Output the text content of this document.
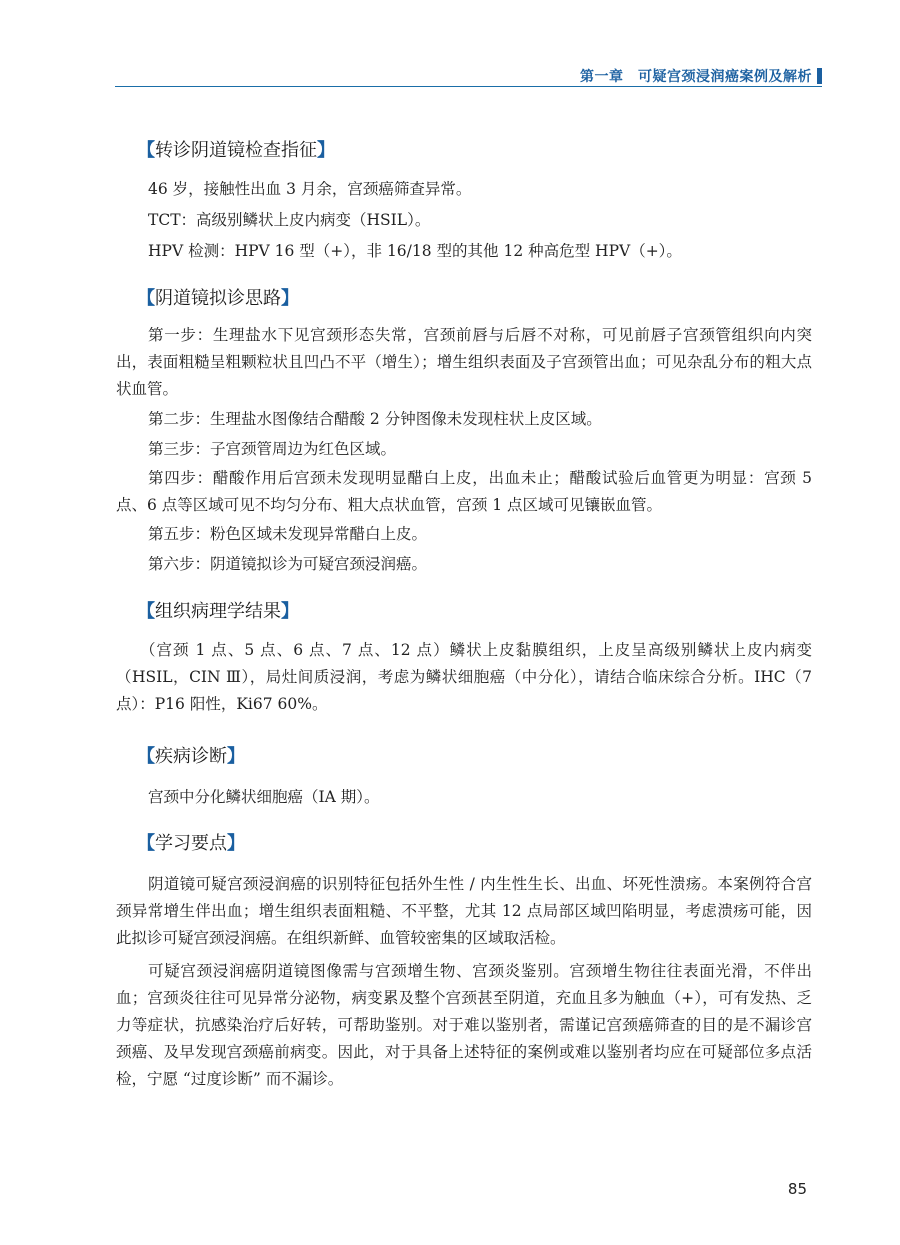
第一章　可疑宫颈浸润癌案例及解析
【转诊阴道镜检查指征】
46 岁，接触性出血 3 月余，宫颈癌筛查异常。
TCT：高级别鳞状上皮内病变（HSIL）。
HPV 检测：HPV 16 型（+），非 16/18 型的其他 12 种高危型 HPV（+）。
【阴道镜拟诊思路】
第一步：生理盐水下见宫颈形态失常，宫颈前唇与后唇不对称，可见前唇子宫颈管组织向内突出，表面粗糙呈粗颗粒状且凹凸不平（增生）；增生组织表面及子宫颈管出血；可见杂乱分布的粗大点状血管。
第二步：生理盐水图像结合醋酸 2 分钟图像未发现柱状上皮区域。
第三步：子宫颈管周边为红色区域。
第四步：醋酸作用后宫颈未发现明显醋白上皮，出血未止；醋酸试验后血管更为明显：宫颈 5 点、6 点等区域可见不均匀分布、粗大点状血管，宫颈 1 点区域可见镶嵌血管。
第五步：粉色区域未发现异常醋白上皮。
第六步：阴道镜拟诊为可疑宫颈浸润癌。
【组织病理学结果】
（宫颈 1 点、5 点、6 点、7 点、12 点）鳞状上皮黏膜组织，上皮呈高级别鳞状上皮内病变（HSIL，CIN Ⅲ），局灶间质浸润，考虑为鳞状细胞癌（中分化），请结合临床综合分析。IHC（7 点）：P16 阳性，Ki67 60%。
【疾病诊断】
宫颈中分化鳞状细胞癌（ⅠA 期）。
【学习要点】
阴道镜可疑宫颈浸润癌的识别特征包括外生性 / 内生性生长、出血、坏死性溃疡。本案例符合宫颈异常增生伴出血；增生组织表面粗糙、不平整，尤其 12 点局部区域凹陷明显，考虑溃疡可能，因此拟诊可疑宫颈浸润癌。在组织新鲜、血管较密集的区域取活检。
可疑宫颈浸润癌阴道镜图像需与宫颈增生物、宫颈炎鉴别。宫颈增生物往往表面光滑，不伴出血；宫颈炎往往可见异常分泌物，病变累及整个宫颈甚至阴道，充血且多为触血（+），可有发热、乏力等症状，抗感染治疗后好转，可帮助鉴别。对于难以鉴别者，需谨记宫颈癌筛查的目的是不漏诊宫颈癌、及早发现宫颈癌前病变。因此，对于具备上述特征的案例或难以鉴别者均应在可疑部位多点活检，宁愿 “过度诊断” 而不漏诊。
85
